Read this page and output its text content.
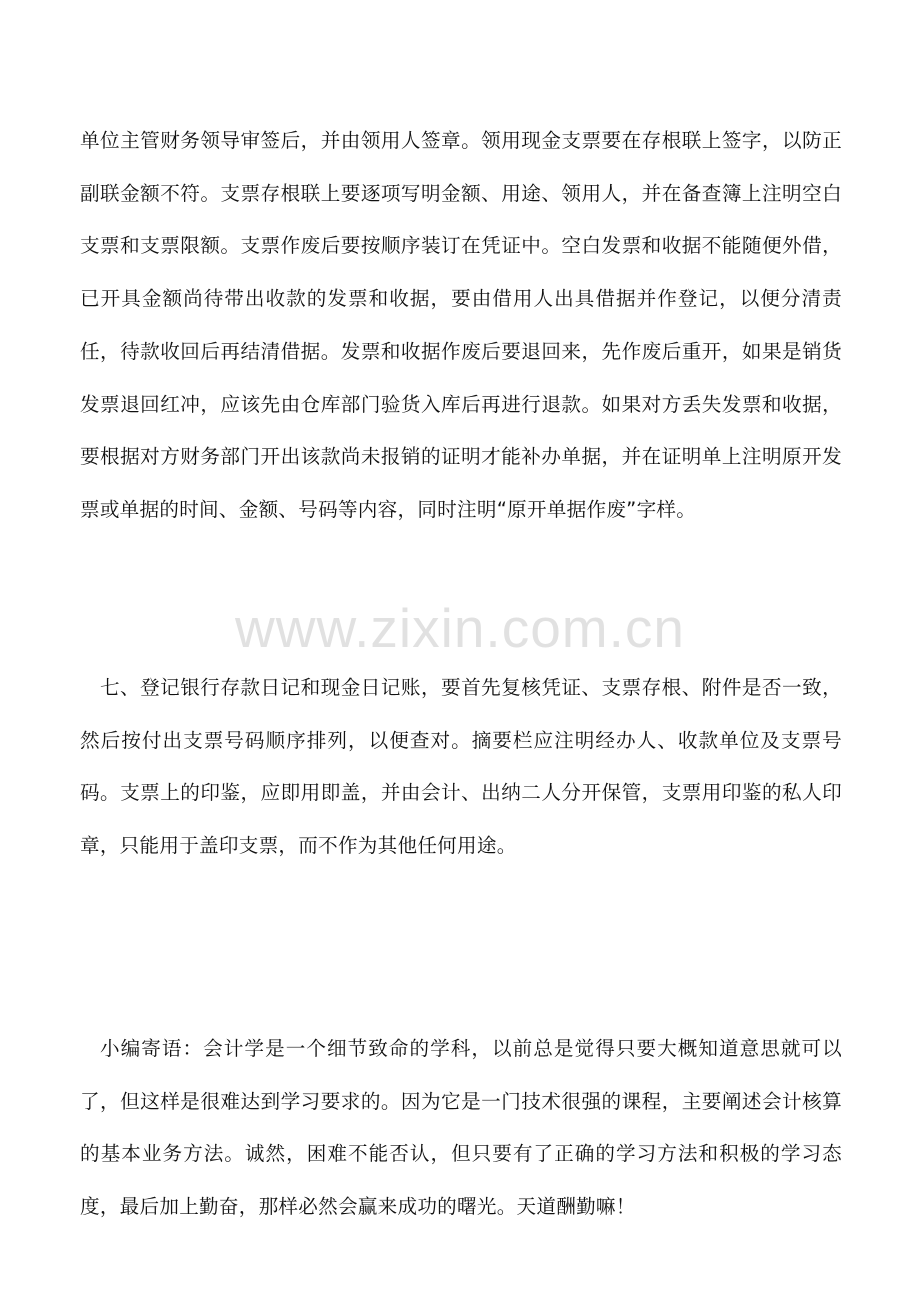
单位主管财务领导审签后，并由领用人签章。领用现金支票要在存根联上签字，以防正副联金额不符。支票存根联上要逐项写明金额、用途、领用人，并在备查簿上注明空白支票和支票限额。支票作废后要按顺序装订在凭证中。空白发票和收据不能随便外借，已开具金额尚待带出收款的发票和收据，要由借用人出具借据并作登记，以便分清责任，待款收回后再结清借据。发票和收据作废后要退回来，先作废后重开，如果是销货发票退回红冲，应该先由仓库部门验货入库后再进行退款。如果对方丢失发票和收据，要根据对方财务部门开出该款尚未报销的证明才能补办单据，并在证明单上注明原开发票或单据的时间、金额、号码等内容，同时注明“原开单据作废”字样。

www.zixin.com.cn

七、登记银行存款日记和现金日记账，要首先复核凭证、支票存根、附件是否一致，然后按付出支票号码顺序排列，以便查对。摘要栏应注明经办人、收款单位及支票号码。支票上的印鉴，应即用即盖，并由会计、出纳二人分开保管，支票用印鉴的私人印章，只能用于盖印支票，而不作为其他任何用途。

小编寄语：会计学是一个细节致命的学科，以前总是觉得只要大概知道意思就可以了，但这样是很难达到学习要求的。因为它是一门技术很强的课程，主要阐述会计核算的基本业务方法。诚然，困难不能否认，但只要有了正确的学习方法和积极的学习态度，最后加上勤奋，那样必然会赢来成功的曙光。天道酬勤嘛！
